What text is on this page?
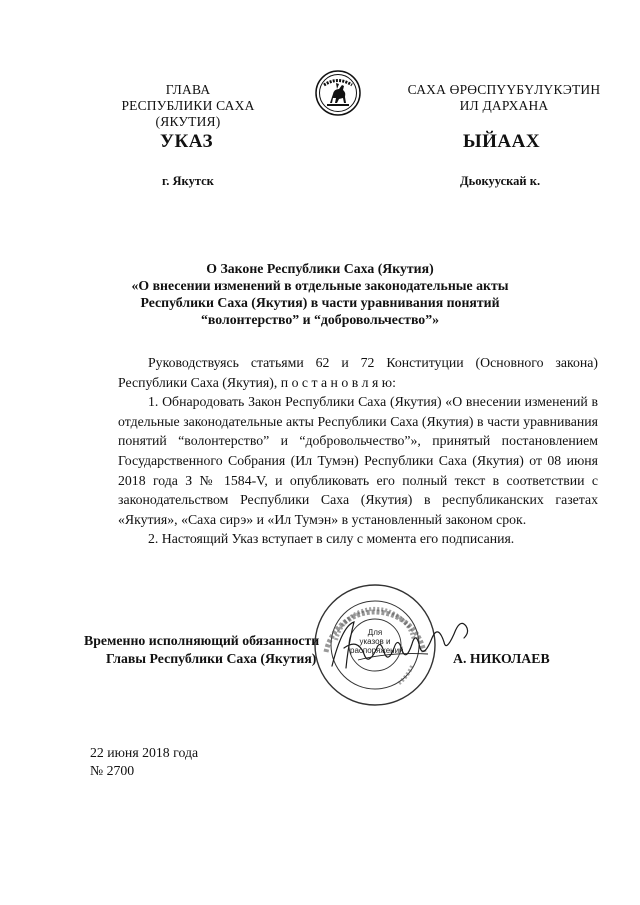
ГЛАВА
РЕСПУБЛИКИ САХА (ЯКУТИЯ)
САХА ӨРӨСПҮҮБҮЛҮКЭТИН
ИЛ ДАРХАНА
УКАЗ	ЫЙААХ
г. Якутск	Дьокуускай к.
О Законе Республики Саха (Якутия)
«О внесении изменений в отдельные законодательные акты
Республики Саха (Якутия) в части уравнивания понятий
“волонтерство” и “добровольчество”»

Руководствуясь статьями 62 и 72 Конституции (Основного закона) Республики Саха (Якутия), п о с т а н о в л я ю:

1. Обнародовать Закон Республики Саха (Якутия) «О внесении изменений в отдельные законодательные акты Республики Саха (Якутия) в части уравнивания понятий “волонтерство” и “добровольчество”», принятый постановлением Государственного Собрания (Ил Тумэн) Республики Саха (Якутия) от 08 июня 2018 года З № 1584-V, и опубликовать его полный текст в соответствии с законодательством Республики Саха (Якутия) в республиканских газетах «Якутия», «Саха сирэ» и «Ил Тумэн» в установленный законом срок.

2. Настоящий Указ вступает в силу с момента его подписания.

Для
указов и
распоряжений
Временно исполняющий обязанности
Главы Республики Саха (Якутия)	А. НИКОЛАЕВ
22 июня 2018 года
№ 2700
